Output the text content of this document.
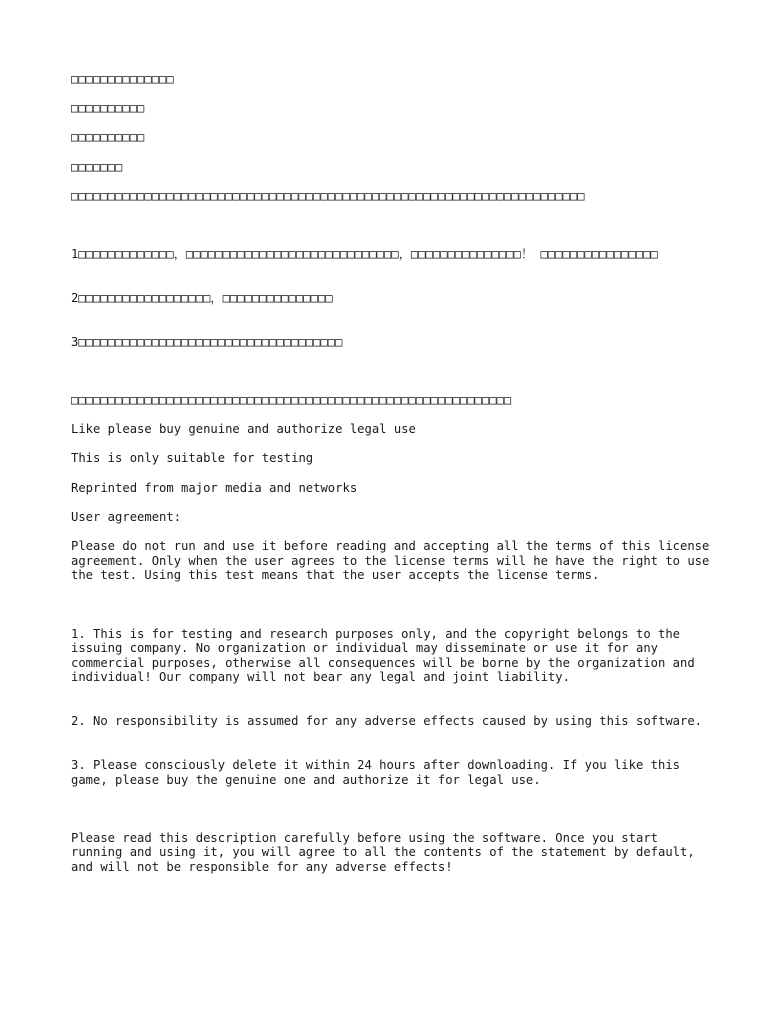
□□□□□□□□□□□□□□

□□□□□□□□□□

□□□□□□□□□□

□□□□□□□

□□□□□□□□□□□□□□□□□□□□□□□□□□□□□□□□□□□□□□□□□□□□□□□□□□□□□□□□□□□□□□□□□□□□□□

1□□□□□□□□□□□□□，□□□□□□□□□□□□□□□□□□□□□□□□□□□□□，□□□□□□□□□□□□□□□！ □□□□□□□□□□□□□□□□

2□□□□□□□□□□□□□□□□□□，□□□□□□□□□□□□□□□

3□□□□□□□□□□□□□□□□□□□□□□□□□□□□□□□□□□□□

□□□□□□□□□□□□□□□□□□□□□□□□□□□□□□□□□□□□□□□□□□□□□□□□□□□□□□□□□□□□

Like please buy genuine and authorize legal use

This is only suitable for testing

Reprinted from major media and networks

User agreement:

Please do not run and use it before reading and accepting all the terms of this license agreement. Only when the user agrees to the license terms will he have the right to use the test. Using this test means that the user accepts the license terms.

1. This is for testing and research purposes only, and the copyright belongs to the issuing company. No organization or individual may disseminate or use it for any commercial purposes, otherwise all consequences will be borne by the organization and individual! Our company will not bear any legal and joint liability.

2. No responsibility is assumed for any adverse effects caused by using this software.

3. Please consciously delete it within 24 hours after downloading. If you like this game, please buy the genuine one and authorize it for legal use.

Please read this description carefully before using the software. Once you start running and using it, you will agree to all the contents of the statement by default, and will not be responsible for any adverse effects!
